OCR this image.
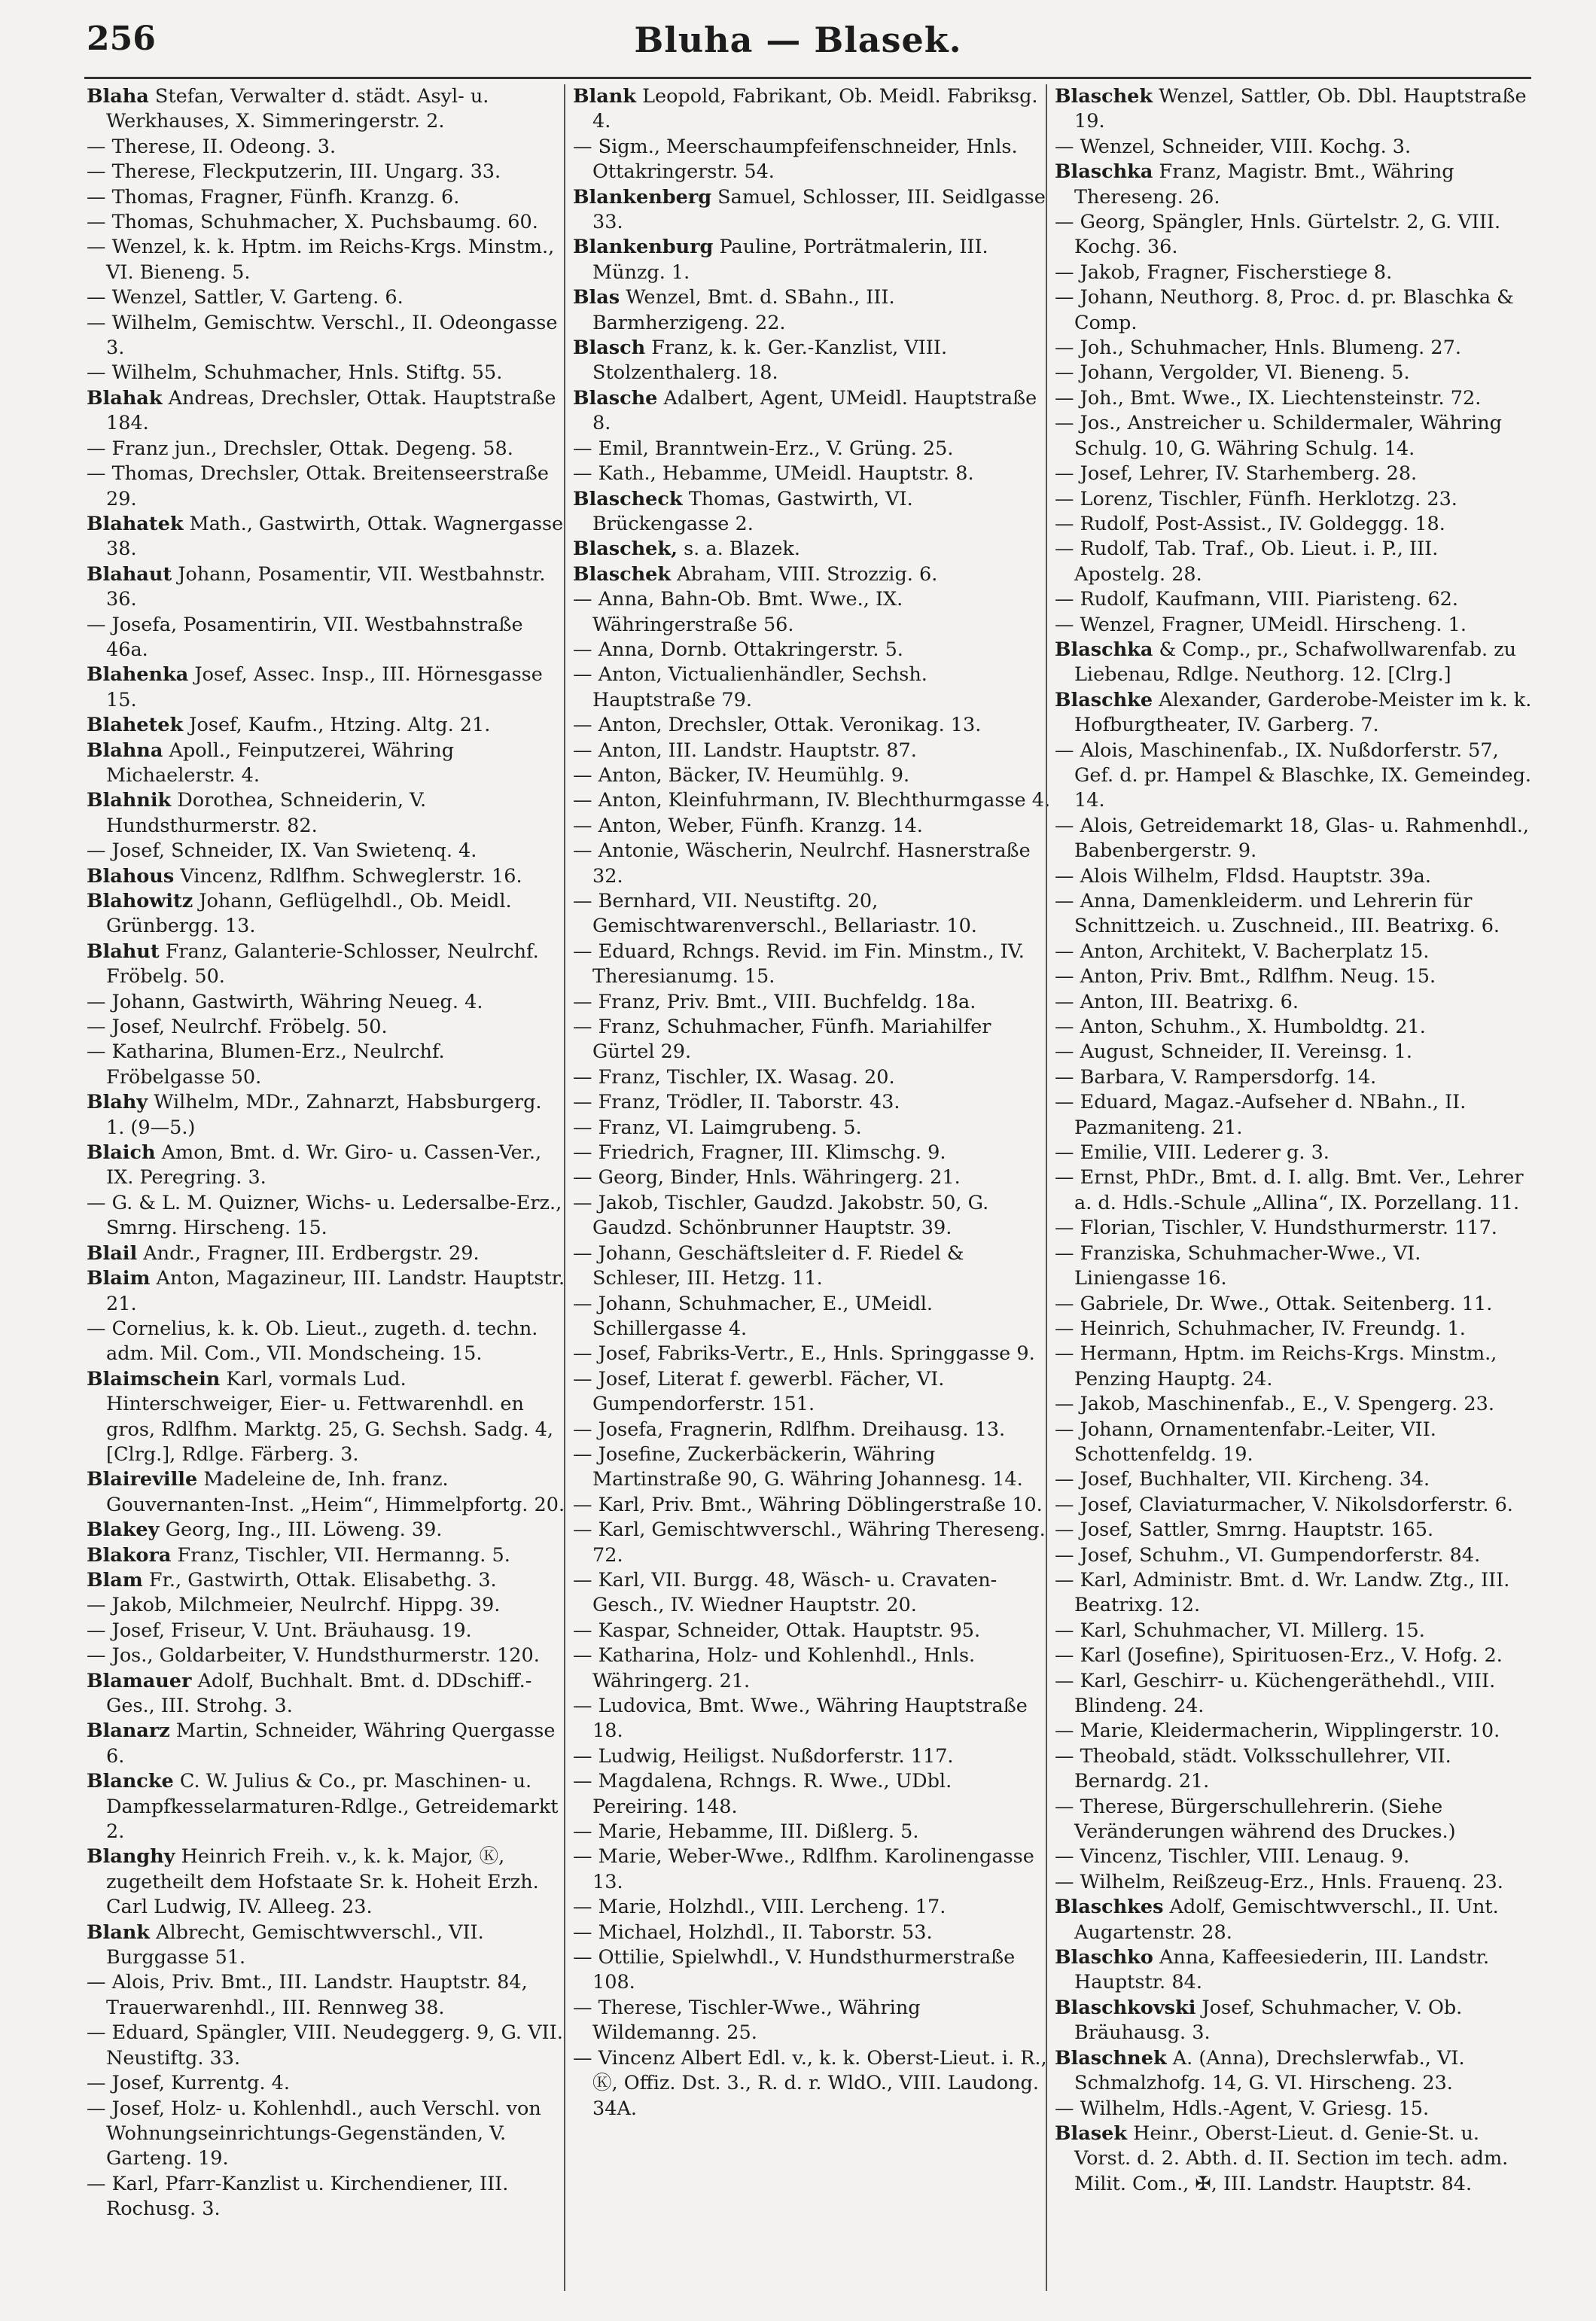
256	Bluha — Blasek.

Blaha Stefan, Verwalter d. städt. Asyl- u. Werkhauses, X. Simmeringerstr. 2.

— Therese, II. Odeong. 3.

— Therese, Fleckputzerin, III. Ungarg. 33.

— Thomas, Fragner, Fünfh. Kranzg. 6.

— Thomas, Schuhmacher, X. Puchsbaumg. 60.

— Wenzel, k. k. Hptm. im Reichs-Krgs. Minstm., VI. Bieneng. 5.

— Wenzel, Sattler, V. Garteng. 6.

— Wilhelm, Gemischtw. Verschl., II. Odeongasse 3.

— Wilhelm, Schuhmacher, Hnls. Stiftg. 55.

Blahak Andreas, Drechsler, Ottak. Hauptstraße 184.

— Franz jun., Drechsler, Ottak. Degeng. 58.

— Thomas, Drechsler, Ottak. Breitenseerstraße 29.

Blahatek Math., Gastwirth, Ottak. Wagnergasse 38.

Blahaut Johann, Posamentir, VII. Westbahnstr. 36.

— Josefa, Posamentirin, VII. Westbahnstraße 46a.

Blahenka Josef, Assec. Insp., III. Hörnesgasse 15.

Blahetek Josef, Kaufm., Htzing. Altg. 21.

Blahna Apoll., Feinputzerei, Währing Michaelerstr. 4.

Blahnik Dorothea, Schneiderin, V. Hundsthurmerstr. 82.

— Josef, Schneider, IX. Van Swietenq. 4.

Blahous Vincenz, Rdlfhm. Schweglerstr. 16.

Blahowitz Johann, Geflügelhdl., Ob. Meidl. Grünbergg. 13.

Blahut Franz, Galanterie-Schlosser, Neulrchf. Fröbelg. 50.

— Johann, Gastwirth, Währing Neueg. 4.

— Josef, Neulrchf. Fröbelg. 50.

— Katharina, Blumen-Erz., Neulrchf. Fröbelgasse 50.

Blahy Wilhelm, MDr., Zahnarzt, Habsburgerg. 1. (9—5.)

Blaich Amon, Bmt. d. Wr. Giro- u. Cassen-Ver., IX. Peregring. 3.

— G. & L. M. Quizner, Wichs- u. Ledersalbe-Erz., Smrng. Hirscheng. 15.

Blail Andr., Fragner, III. Erdbergstr. 29.

Blaim Anton, Magazineur, III. Landstr. Hauptstr. 21.

— Cornelius, k. k. Ob. Lieut., zugeth. d. techn. adm. Mil. Com., VII. Mondscheing. 15.

Blaimschein Karl, vormals Lud. Hinterschweiger, Eier- u. Fettwarenhdl. en gros, Rdlfhm. Marktg. 25, G. Sechsh. Sadg. 4, [Clrg.], Rdlge. Färberg. 3.

Blaireville Madeleine de, Inh. franz. Gouvernanten-Inst. „Heim“, Himmelpfortg. 20.

Blakey Georg, Ing., III. Löweng. 39.

Blakora Franz, Tischler, VII. Hermanng. 5.

Blam Fr., Gastwirth, Ottak. Elisabethg. 3.

— Jakob, Milchmeier, Neulrchf. Hippg. 39.

— Josef, Friseur, V. Unt. Bräuhausg. 19.

— Jos., Goldarbeiter, V. Hundsthurmerstr. 120.

Blamauer Adolf, Buchhalt. Bmt. d. DDschiff.-Ges., III. Strohg. 3.

Blanarz Martin, Schneider, Währing Quergasse 6.

Blancke C. W. Julius & Co., pr. Maschinen- u. Dampfkesselarmaturen-Rdlge., Getreidemarkt 2.

Blanghy Heinrich Freih. v., k. k. Major, Ⓚ, zugetheilt dem Hofstaate Sr. k. Hoheit Erzh. Carl Ludwig, IV. Alleeg. 23.

Blank Albrecht, Gemischtwverschl., VII. Burggasse 51.

— Alois, Priv. Bmt., III. Landstr. Hauptstr. 84, Trauerwarenhdl., III. Rennweg 38.

— Eduard, Spängler, VIII. Neudeggerg. 9, G. VII. Neustiftg. 33.

— Josef, Kurrentg. 4.

— Josef, Holz- u. Kohlenhdl., auch Verschl. von Wohnungseinrichtungs-Gegenständen, V. Garteng. 19.

— Karl, Pfarr-Kanzlist u. Kirchendiener, III. Rochusg. 3.

Blank Leopold, Fabrikant, Ob. Meidl. Fabriksg. 4.

— Sigm., Meerschaumpfeifenschneider, Hnls. Ottakringerstr. 54.

Blankenberg Samuel, Schlosser, III. Seidlgasse 33.

Blankenburg Pauline, Porträtmalerin, III. Münzg. 1.

Blas Wenzel, Bmt. d. SBahn., III. Barmherzigeng. 22.

Blasch Franz, k. k. Ger.-Kanzlist, VIII. Stolzenthalerg. 18.

Blasche Adalbert, Agent, UMeidl. Hauptstraße 8.

— Emil, Branntwein-Erz., V. Grüng. 25.

— Kath., Hebamme, UMeidl. Hauptstr. 8.

Blascheck Thomas, Gastwirth, VI. Brückengasse 2.

Blaschek, s. a. Blazek.

Blaschek Abraham, VIII. Strozzig. 6.

— Anna, Bahn-Ob. Bmt. Wwe., IX. Währingerstraße 56.

— Anna, Dornb. Ottakringerstr. 5.

— Anton, Victualienhändler, Sechsh. Hauptstraße 79.

— Anton, Drechsler, Ottak. Veronikag. 13.

— Anton, III. Landstr. Hauptstr. 87.

— Anton, Bäcker, IV. Heumühlg. 9.

— Anton, Kleinfuhrmann, IV. Blechthurmgasse 4.

— Anton, Weber, Fünfh. Kranzg. 14.

— Antonie, Wäscherin, Neulrchf. Hasnerstraße 32.

— Bernhard, VII. Neustiftg. 20, Gemischtwarenverschl., Bellariastr. 10.

— Eduard, Rchngs. Revid. im Fin. Minstm., IV. Theresianumg. 15.

— Franz, Priv. Bmt., VIII. Buchfeldg. 18a.

— Franz, Schuhmacher, Fünfh. Mariahilfer Gürtel 29.

— Franz, Tischler, IX. Wasag. 20.

— Franz, Trödler, II. Taborstr. 43.

— Franz, VI. Laimgrubeng. 5.

— Friedrich, Fragner, III. Klimschg. 9.

— Georg, Binder, Hnls. Währingerg. 21.

— Jakob, Tischler, Gaudzd. Jakobstr. 50, G. Gaudzd. Schönbrunner Hauptstr. 39.

— Johann, Geschäftsleiter d. F. Riedel & Schleser, III. Hetzg. 11.

— Johann, Schuhmacher, E., UMeidl. Schillergasse 4.

— Josef, Fabriks-Vertr., E., Hnls. Springgasse 9.

— Josef, Literat f. gewerbl. Fächer, VI. Gumpendorferstr. 151.

— Josefa, Fragnerin, Rdlfhm. Dreihausg. 13.

— Josefine, Zuckerbäckerin, Währing Martinstraße 90, G. Währing Johannesg. 14.

— Karl, Priv. Bmt., Währing Döblingerstraße 10.

— Karl, Gemischtwverschl., Währing Thereseng. 72.

— Karl, VII. Burgg. 48, Wäsch- u. Cravaten-Gesch., IV. Wiedner Hauptstr. 20.

— Kaspar, Schneider, Ottak. Hauptstr. 95.

— Katharina, Holz- und Kohlenhdl., Hnls. Währingerg. 21.

— Ludovica, Bmt. Wwe., Währing Hauptstraße 18.

— Ludwig, Heiligst. Nußdorferstr. 117.

— Magdalena, Rchngs. R. Wwe., UDbl. Pereiring. 148.

— Marie, Hebamme, III. Dißlerg. 5.

— Marie, Weber-Wwe., Rdlfhm. Karolinengasse 13.

— Marie, Holzhdl., VIII. Lercheng. 17.

— Michael, Holzhdl., II. Taborstr. 53.

— Ottilie, Spielwhdl., V. Hundsthurmerstraße 108.

— Therese, Tischler-Wwe., Währing Wildemanng. 25.

— Vincenz Albert Edl. v., k. k. Oberst-Lieut. i. R., Ⓚ, Offiz. Dst. 3., R. d. r. WldO., VIII. Laudong. 34A.

Blaschek Wenzel, Sattler, Ob. Dbl. Hauptstraße 19.

— Wenzel, Schneider, VIII. Kochg. 3.

Blaschka Franz, Magistr. Bmt., Währing Thereseng. 26.

— Georg, Spängler, Hnls. Gürtelstr. 2, G. VIII. Kochg. 36.

— Jakob, Fragner, Fischerstiege 8.

— Johann, Neuthorg. 8, Proc. d. pr. Blaschka & Comp.

— Joh., Schuhmacher, Hnls. Blumeng. 27.

— Johann, Vergolder, VI. Bieneng. 5.

— Joh., Bmt. Wwe., IX. Liechtensteinstr. 72.

— Jos., Anstreicher u. Schildermaler, Währing Schulg. 10, G. Währing Schulg. 14.

— Josef, Lehrer, IV. Starhemberg. 28.

— Lorenz, Tischler, Fünfh. Herklotzg. 23.

— Rudolf, Post-Assist., IV. Goldeggg. 18.

— Rudolf, Tab. Traf., Ob. Lieut. i. P., III. Apostelg. 28.

— Rudolf, Kaufmann, VIII. Piaristeng. 62.

— Wenzel, Fragner, UMeidl. Hirscheng. 1.

Blaschka & Comp., pr., Schafwollwarenfab. zu Liebenau, Rdlge. Neuthorg. 12. [Clrg.]

Blaschke Alexander, Garderobe-Meister im k. k. Hofburgtheater, IV. Garberg. 7.

— Alois, Maschinenfab., IX. Nußdorferstr. 57, Gef. d. pr. Hampel & Blaschke, IX. Gemeindeg. 14.

— Alois, Getreidemarkt 18, Glas- u. Rahmenhdl., Babenbergerstr. 9.

— Alois Wilhelm, Fldsd. Hauptstr. 39a.

— Anna, Damenkleiderm. und Lehrerin für Schnittzeich. u. Zuschneid., III. Beatrixg. 6.

— Anton, Architekt, V. Bacherplatz 15.

— Anton, Priv. Bmt., Rdlfhm. Neug. 15.

— Anton, III. Beatrixg. 6.

— Anton, Schuhm., X. Humboldtg. 21.

— August, Schneider, II. Vereinsg. 1.

— Barbara, V. Rampersdorfg. 14.

— Eduard, Magaz.-Aufseher d. NBahn., II. Pazmaniteng. 21.

— Emilie, VIII. Lederer g. 3.

— Ernst, PhDr., Bmt. d. I. allg. Bmt. Ver., Lehrer a. d. Hdls.-Schule „Allina“, IX. Porzellang. 11.

— Florian, Tischler, V. Hundsthurmerstr. 117.

— Franziska, Schuhmacher-Wwe., VI. Liniengasse 16.

— Gabriele, Dr. Wwe., Ottak. Seitenberg. 11.

— Heinrich, Schuhmacher, IV. Freundg. 1.

— Hermann, Hptm. im Reichs-Krgs. Minstm., Penzing Hauptg. 24.

— Jakob, Maschinenfab., E., V. Spengerg. 23.

— Johann, Ornamentenfabr.-Leiter, VII. Schottenfeldg. 19.

— Josef, Buchhalter, VII. Kircheng. 34.

— Josef, Claviaturmacher, V. Nikolsdorferstr. 6.

— Josef, Sattler, Smrng. Hauptstr. 165.

— Josef, Schuhm., VI. Gumpendorferstr. 84.

— Karl, Administr. Bmt. d. Wr. Landw. Ztg., III. Beatrixg. 12.

— Karl, Schuhmacher, VI. Millerg. 15.

— Karl (Josefine), Spirituosen-Erz., V. Hofg. 2.

— Karl, Geschirr- u. Küchengeräthehdl., VIII. Blindeng. 24.

— Marie, Kleidermacherin, Wipplingerstr. 10.

— Theobald, städt. Volksschullehrer, VII. Bernardg. 21.

— Therese, Bürgerschullehrerin. (Siehe Veränderungen während des Druckes.)

— Vincenz, Tischler, VIII. Lenaug. 9.

— Wilhelm, Reißzeug-Erz., Hnls. Frauenq. 23.

Blaschkes Adolf, Gemischtwverschl., II. Unt. Augartenstr. 28.

Blaschko Anna, Kaffeesiederin, III. Landstr. Hauptstr. 84.

Blaschkovski Josef, Schuhmacher, V. Ob. Bräuhausg. 3.

Blaschnek A. (Anna), Drechslerwfab., VI. Schmalzhofg. 14, G. VI. Hirscheng. 23.

— Wilhelm, Hdls.-Agent, V. Griesg. 15.

Blasek Heinr., Oberst-Lieut. d. Genie-St. u. Vorst. d. 2. Abth. d. II. Section im tech. adm. Milit. Com., ✠, III. Landstr. Hauptstr. 84.
